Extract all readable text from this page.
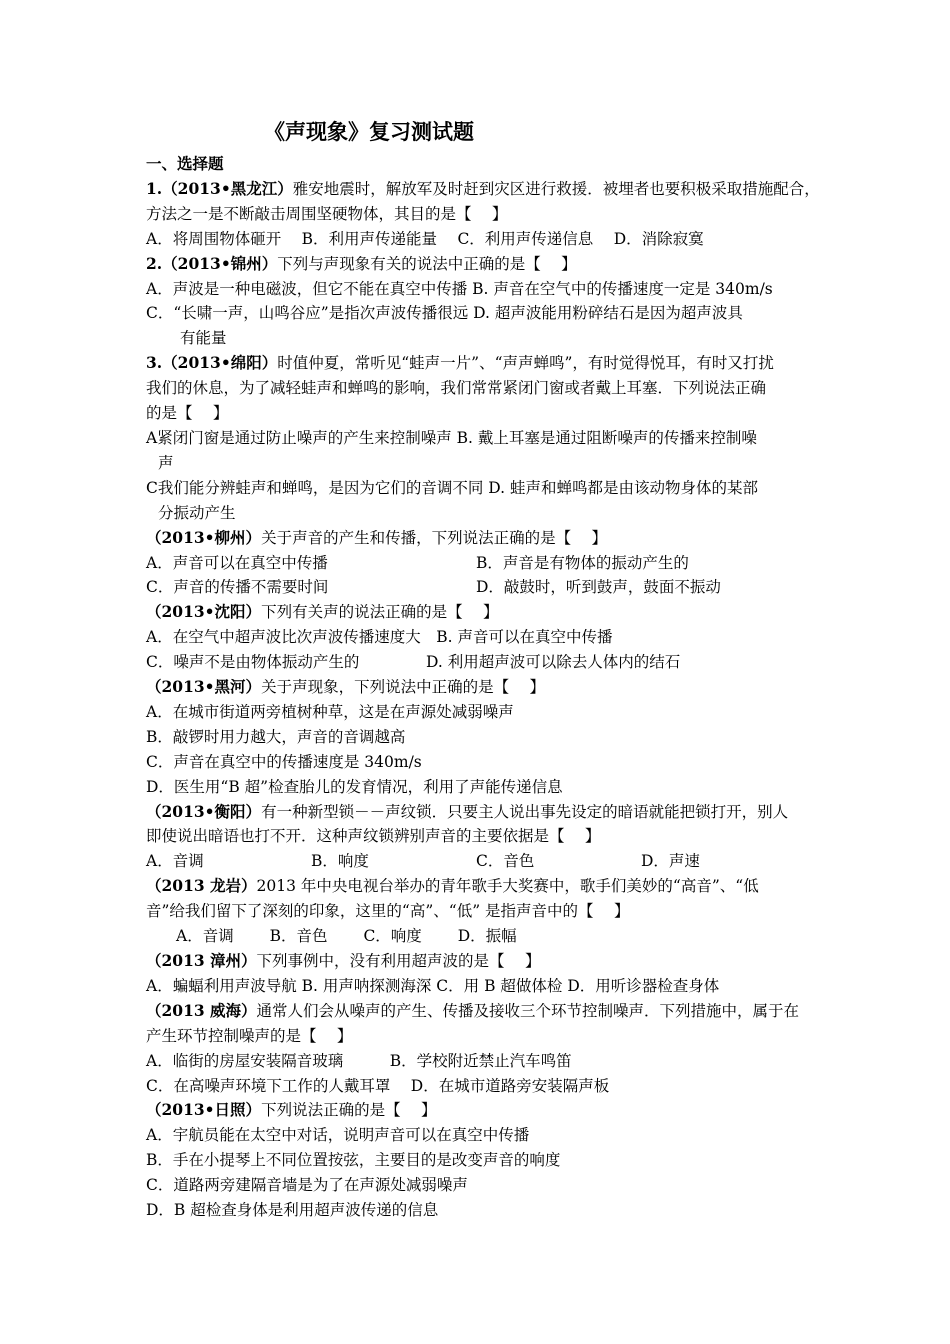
《声现象》复习测试题
一、选择题
1.（2013•黑龙江）雅安地震时，解放军及时赶到灾区进行救援．被埋者也要积极采取措施配合，
方法之一是不断敲击周围坚硬物体，其目的是【　 】
A．将周围物体砸开　 B．利用声传递能量　 C．利用声传递信息　 D．消除寂寞
2.（2013•锦州）下列与声现象有关的说法中正确的是【　 】
A．声波是一种电磁波，但它不能在真空中传播 B. 声音在空气中的传播速度一定是 340m/s
C．“长啸一声，山鸣谷应”是指次声波传播很远 D. 超声波能用粉碎结石是因为超声波具
有能量
3.（2013•绵阳）时值仲夏，常听见“蛙声一片”、“声声蝉鸣”，有时觉得悦耳，有时又打扰
我们的休息，为了减轻蛙声和蝉鸣的影响，我们常常紧闭门窗或者戴上耳塞．下列说法正确
的是【　 】
A紧闭门窗是通过防止噪声的产生来控制噪声 B. 戴上耳塞是通过阻断噪声的传播来控制噪
声
C我们能分辨蛙声和蝉鸣，是因为它们的音调不同 D. 蛙声和蝉鸣都是由该动物身体的某部
分振动产生
（2013•柳州）关于声音的产生和传播，下列说法正确的是【　 】
A．声音可以在真空中传播	B．声音是有物体的振动产生的
C．声音的传播不需要时间	D．敲鼓时，听到鼓声，鼓面不振动
（2013•沈阳）下列有关声的说法正确的是【　 】
A．在空气中超声波比次声波传播速度大　B. 声音可以在真空中传播
C．噪声不是由物体振动产生的	D. 利用超声波可以除去人体内的结石
（2013•黑河）关于声现象，下列说法中正确的是【　 】
A．在城市街道两旁植树种草，这是在声源处减弱噪声
B．敲锣时用力越大，声音的音调越高
C．声音在真空中的传播速度是 340m/s
D．医生用“B 超”检查胎儿的发育情况，利用了声能传递信息
（2013•衡阳）有一种新型锁－－声纹锁．只要主人说出事先设定的暗语就能把锁打开，别人
即使说出暗语也打不开．这种声纹锁辨别声音的主要依据是【　 】
A．音调	B．响度	C．音色	D．声速
（2013 龙岩）2013 年中央电视台举办的青年歌手大奖赛中，歌手们美妙的“高音”、“低
音”给我们留下了深刻的印象，这里的“高”、“低” 是指声音中的【　 】
A．音调　　 B．音色　　 C．响度　　 D．振幅
（2013 漳州）下列事例中，没有利用超声波的是【　 】
A．蝙蝠利用声波导航 B. 用声呐探测海深 C．用 B 超做体检 D．用听诊器检查身体
（2013 威海）通常人们会从噪声的产生、传播及接收三个环节控制噪声．下列措施中，属于在
产生环节控制噪声的是【　 】
A．临街的房屋安装隔音玻璃　　　B．学校附近禁止汽车鸣笛
C．在高噪声环境下工作的人戴耳罩　 D．在城市道路旁安装隔声板
（2013•日照）下列说法正确的是【　 】
A．宇航员能在太空中对话，说明声音可以在真空中传播
B．手在小提琴上不同位置按弦，主要目的是改变声音的响度
C．道路两旁建隔音墙是为了在声源处减弱噪声
D．B 超检查身体是利用超声波传递的信息
